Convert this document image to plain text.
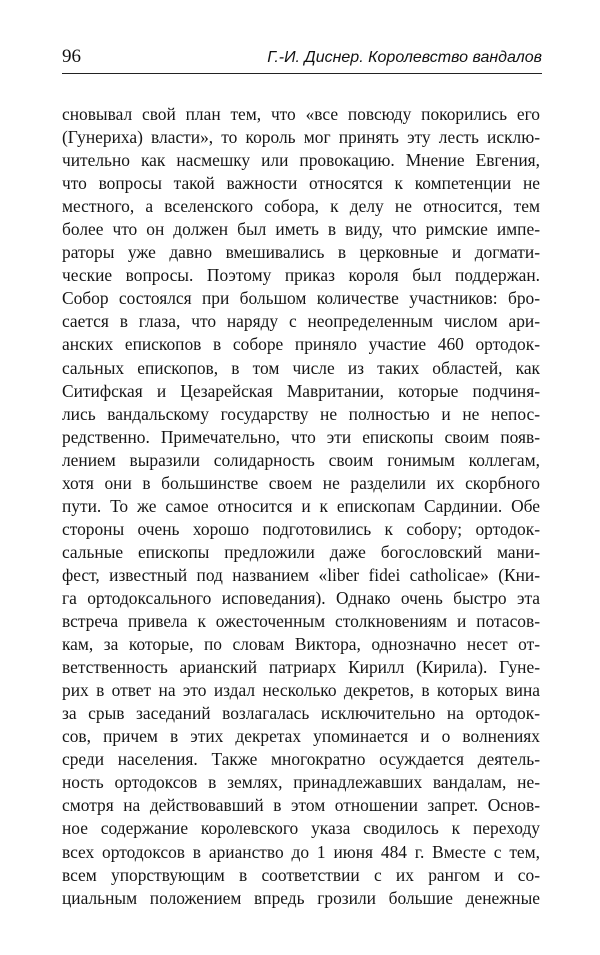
96	Г.-И. Диснер. Королевство вандалов
сновывал свой план тем, что «все повсюду покорились его
(Гунериха) власти», то король мог принять эту лесть исклю-
чительно как насмешку или провокацию. Мнение Евгения,
что вопросы такой важности относятся к компетенции не
местного, а вселенского собора, к делу не относится, тем
более что он должен был иметь в виду, что римские импе-
раторы уже давно вмешивались в церковные и догмати-
ческие вопросы. Поэтому приказ короля был поддержан.
Собор состоялся при большом количестве участников: бро-
сается в глаза, что наряду с неопределенным числом ари-
анских епископов в соборе приняло участие 460 ортодок-
сальных епископов, в том числе из таких областей, как
Ситифская и Цезарейская Мавритании, которые подчиня-
лись вандальскому государству не полностью и не непос-
редственно. Примечательно, что эти епископы своим появ-
лением выразили солидарность своим гонимым коллегам,
хотя они в большинстве своем не разделили их скорбного
пути. То же самое относится и к епископам Сардинии. Обе
стороны очень хорошо подготовились к собору; ортодок-
сальные епископы предложили даже богословский мани-
фест, известный под названием «liber fidei catholicae» (Кни-
га ортодоксального исповедания). Однако очень быстро эта
встреча привела к ожесточенным столкновениям и потасов-
кам, за которые, по словам Виктора, однозначно несет от-
ветственность арианский патриарх Кирилл (Кирила). Гуне-
рих в ответ на это издал несколько декретов, в которых вина
за срыв заседаний возлагалась исключительно на ортодок-
сов, причем в этих декретах упоминается и о волнениях
среди населения. Также многократно осуждается деятель-
ность ортодоксов в землях, принадлежавших вандалам, не-
смотря на действовавший в этом отношении запрет. Основ-
ное содержание королевского указа сводилось к переходу
всех ортодоксов в арианство до 1 июня 484 г. Вместе с тем,
всем упорствующим в соответствии с их рангом и со-
циальным положением впредь грозили большие денежные
